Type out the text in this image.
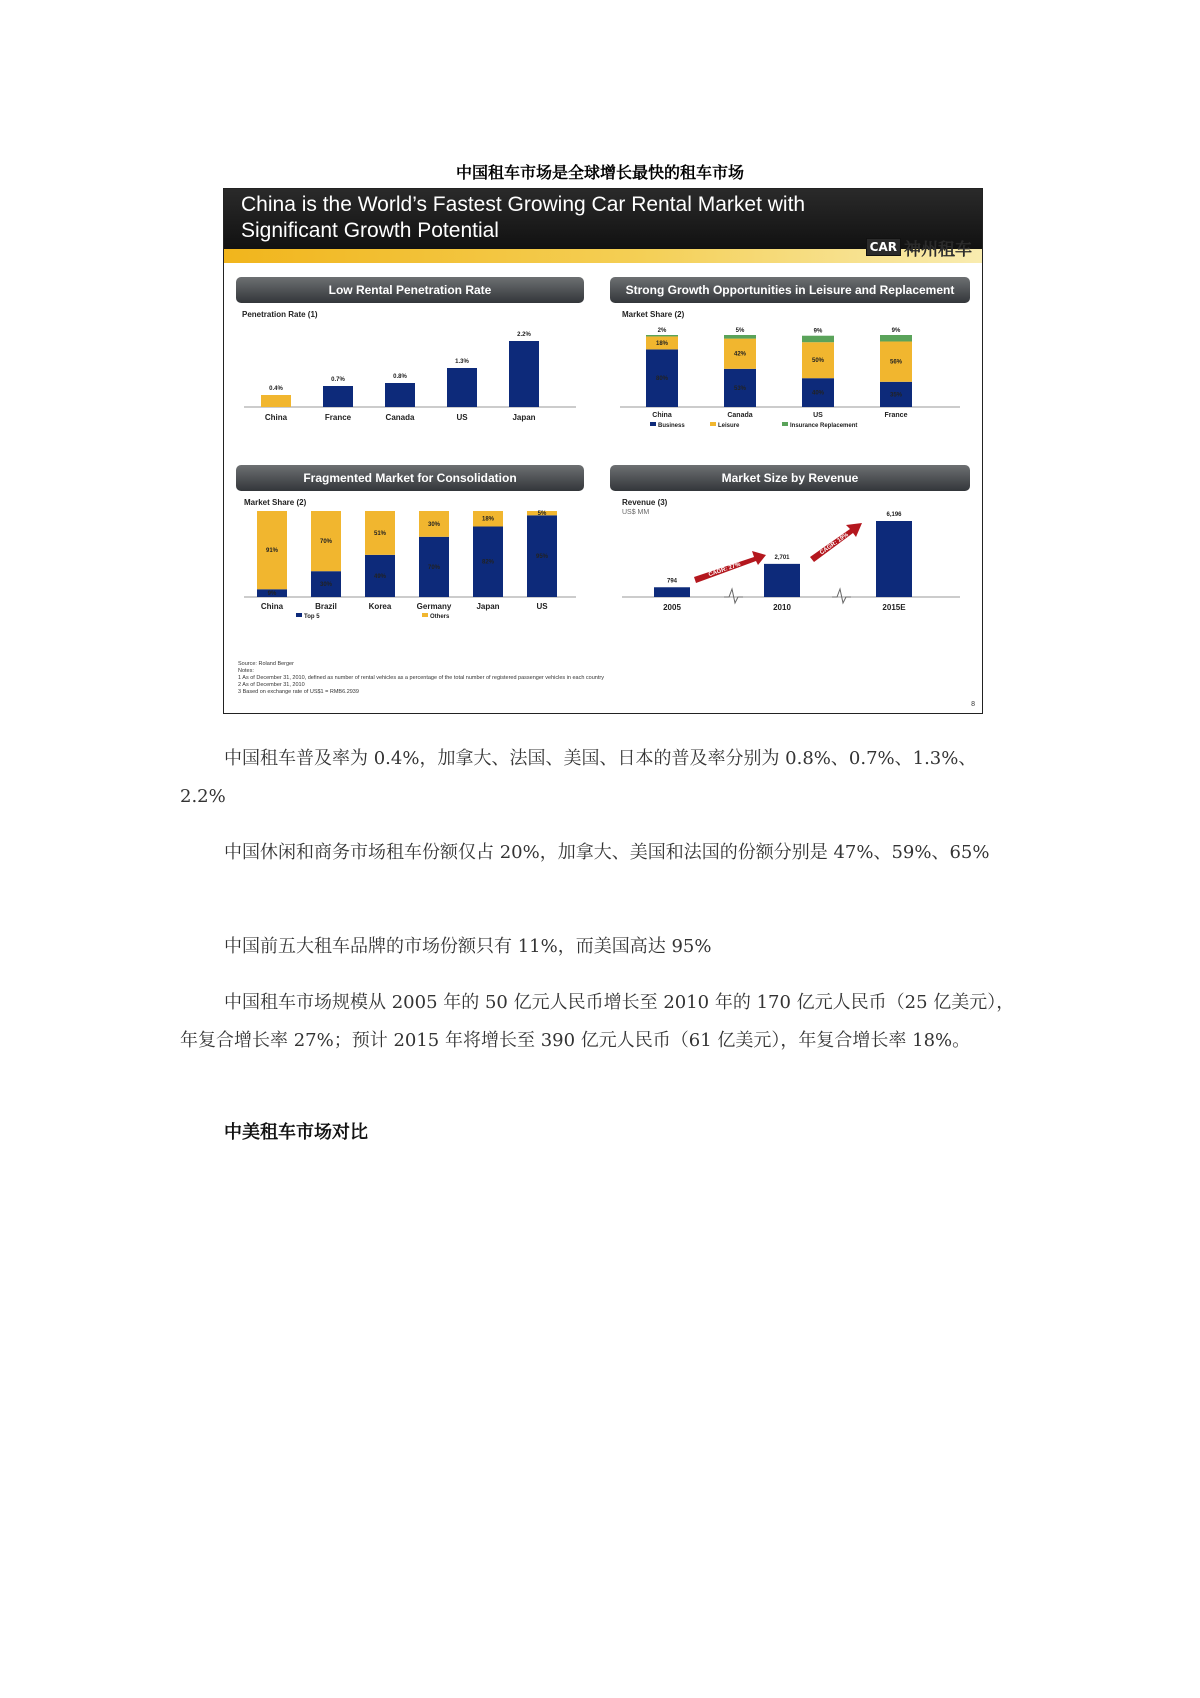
中国租车市场是全球增长最快的租车市场
China is the World’s Fastest Growing Car Rental Market with
Significant Growth Potential
CAR 神州租车
Low Rental Penetration Rate
Penetration Rate (1)
0.4%
China
0.7%
France
0.8%
Canada
1.3%
US
2.2%
Japan
Strong Growth Opportunities in Leisure and Replacement
Market Share (2)
80%
18%
2%
China
53%
42%
5%
Canada
40%
50%
9%
US
35%
56%
9%
France
Business	Leisure	Insurance Replacement
Fragmented Market for Consolidation
Market Share (2)
9%
91%
China
30%
70%
Brazil
49%
51%
Korea
70%
30%
Germany
82%
18%
Japan
95%
5%
US
Top 5	Others
Market Size by Revenue
Revenue (3)
US$ MM
794
2005
2,701
2010
6,196
2015E
CAGR: 27%
CAGR: 19%
Source: Roland Berger
Notes:
1 As of December 31, 2010, defined as number of rental vehicles as a percentage of the total number of registered passenger vehicles in each country
2 As of December 31, 2010
3 Based on exchange rate of US$1 = RMB6.2939
8
中国租车普及率为 0.4%，加拿大、法国、美国、日本的普及率分别为 0.8%、0.7%、1.3%、2.2%
中国休闲和商务市场租车份额仅占 20%，加拿大、美国和法国的份额分别是 47%、59%、65%
中国前五大租车品牌的市场份额只有 11%，而美国高达 95%
中国租车市场规模从 2005 年的 50 亿元人民币增长至 2010 年的 170 亿元人民币（25 亿美元），年复合增长率 27%；预计 2015 年将增长至 390 亿元人民币（61 亿美元），年复合增长率 18%。
中美租车市场对比
